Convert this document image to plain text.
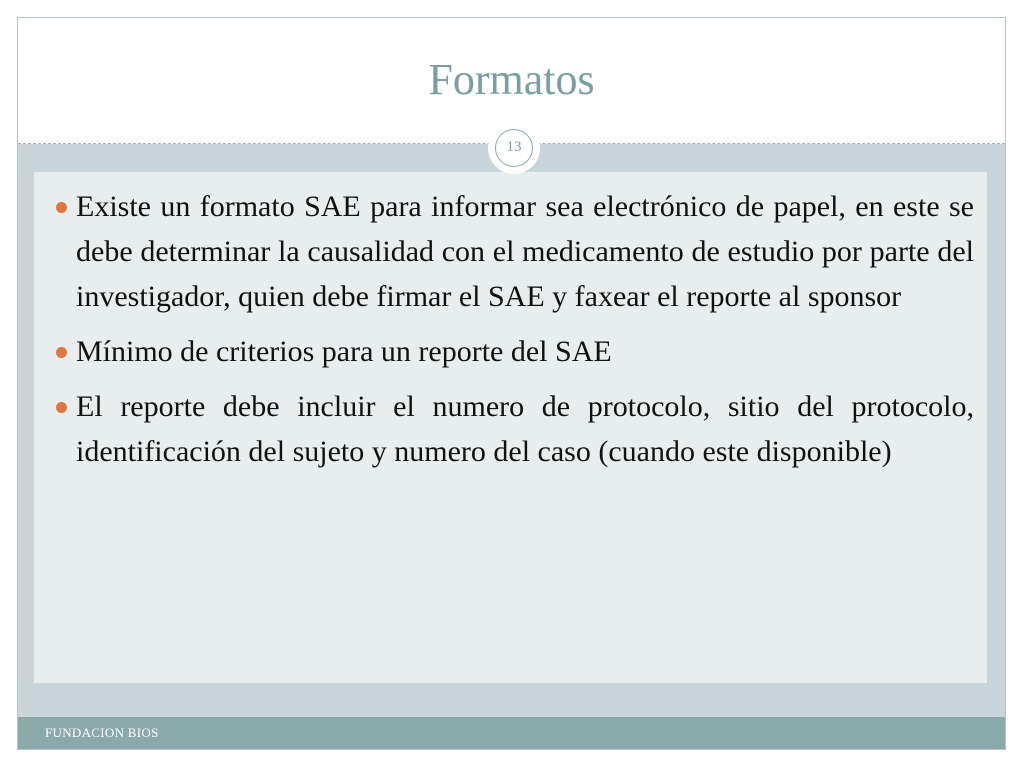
Formatos
Existe un formato SAE para informar sea electrónico de papel, en este se debe determinar la causalidad con el medicamento de estudio por parte del investigador, quien debe firmar el SAE y faxear el reporte al sponsor
Mínimo de criterios para un reporte del SAE
El reporte debe incluir el numero de protocolo, sitio del protocolo, identificación del sujeto y numero del caso (cuando este disponible)
13
FUNDACION BIOS
